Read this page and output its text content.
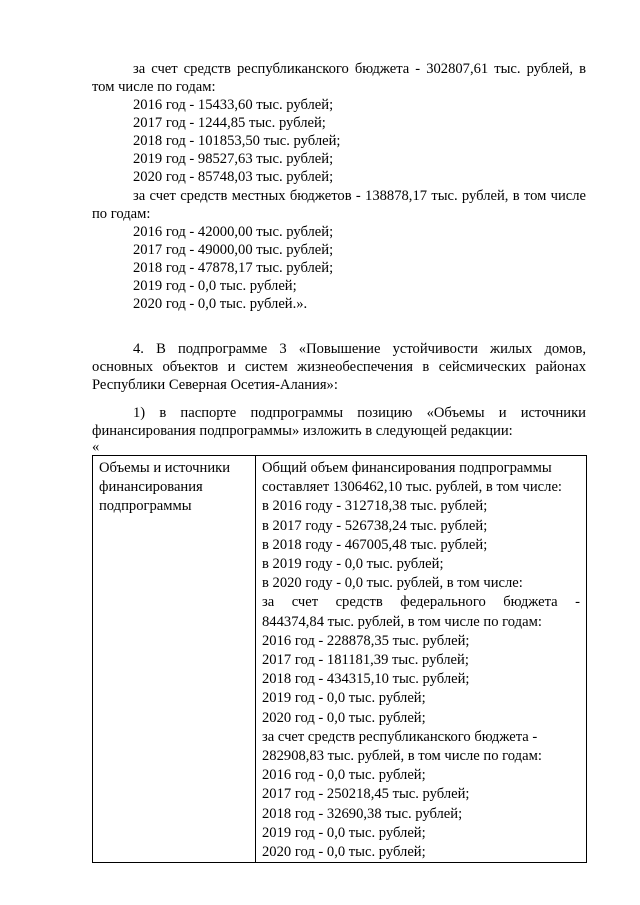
за счет средств республиканского бюджета - 302807,61 тыс. рублей, в
том числе по годам:
2016 год - 15433,60 тыс. рублей;
2017 год - 1244,85 тыс. рублей;
2018 год - 101853,50 тыс. рублей;
2019 год - 98527,63 тыс. рублей;
2020 год - 85748,03 тыс. рублей;
за счет средств местных бюджетов - 138878,17 тыс. рублей, в том числе
по годам:
2016 год - 42000,00 тыс. рублей;
2017 год - 49000,00 тыс. рублей;
2018 год - 47878,17 тыс. рублей;
2019 год - 0,0 тыс. рублей;
2020 год - 0,0 тыс. рублей.».
4. В подпрограмме 3 «Повышение устойчивости жилых домов,
основных объектов и систем жизнеобеспечения в сейсмических районах
Республики Северная Осетия-Алания»:
1) в паспорте подпрограммы позицию «Объемы и источники
финансирования подпрограммы» изложить в следующей редакции:
«
Объемы и источники
финансирования
подпрограммы

Общий объем финансирования подпрограммы
составляет 1306462,10 тыс. рублей, в том числе:
в 2016 году - 312718,38 тыс. рублей;
в 2017 году - 526738,24 тыс. рублей;
в 2018 году - 467005,48 тыс. рублей;
в 2019 году - 0,0 тыс. рублей;
в 2020 году - 0,0 тыс. рублей, в том числе:
за счет средств федерального бюджета -
844374,84 тыс. рублей, в том числе по годам:
2016 год - 228878,35 тыс. рублей;
2017 год - 181181,39 тыс. рублей;
2018 год - 434315,10 тыс. рублей;
2019 год - 0,0 тыс. рублей;
2020 год - 0,0 тыс. рублей;
за счет средств республиканского бюджета -
282908,83 тыс. рублей, в том числе по годам:
2016 год - 0,0 тыс. рублей;
2017 год - 250218,45 тыс. рублей;
2018 год - 32690,38 тыс. рублей;
2019 год - 0,0 тыс. рублей;
2020 год - 0,0 тыс. рублей;
